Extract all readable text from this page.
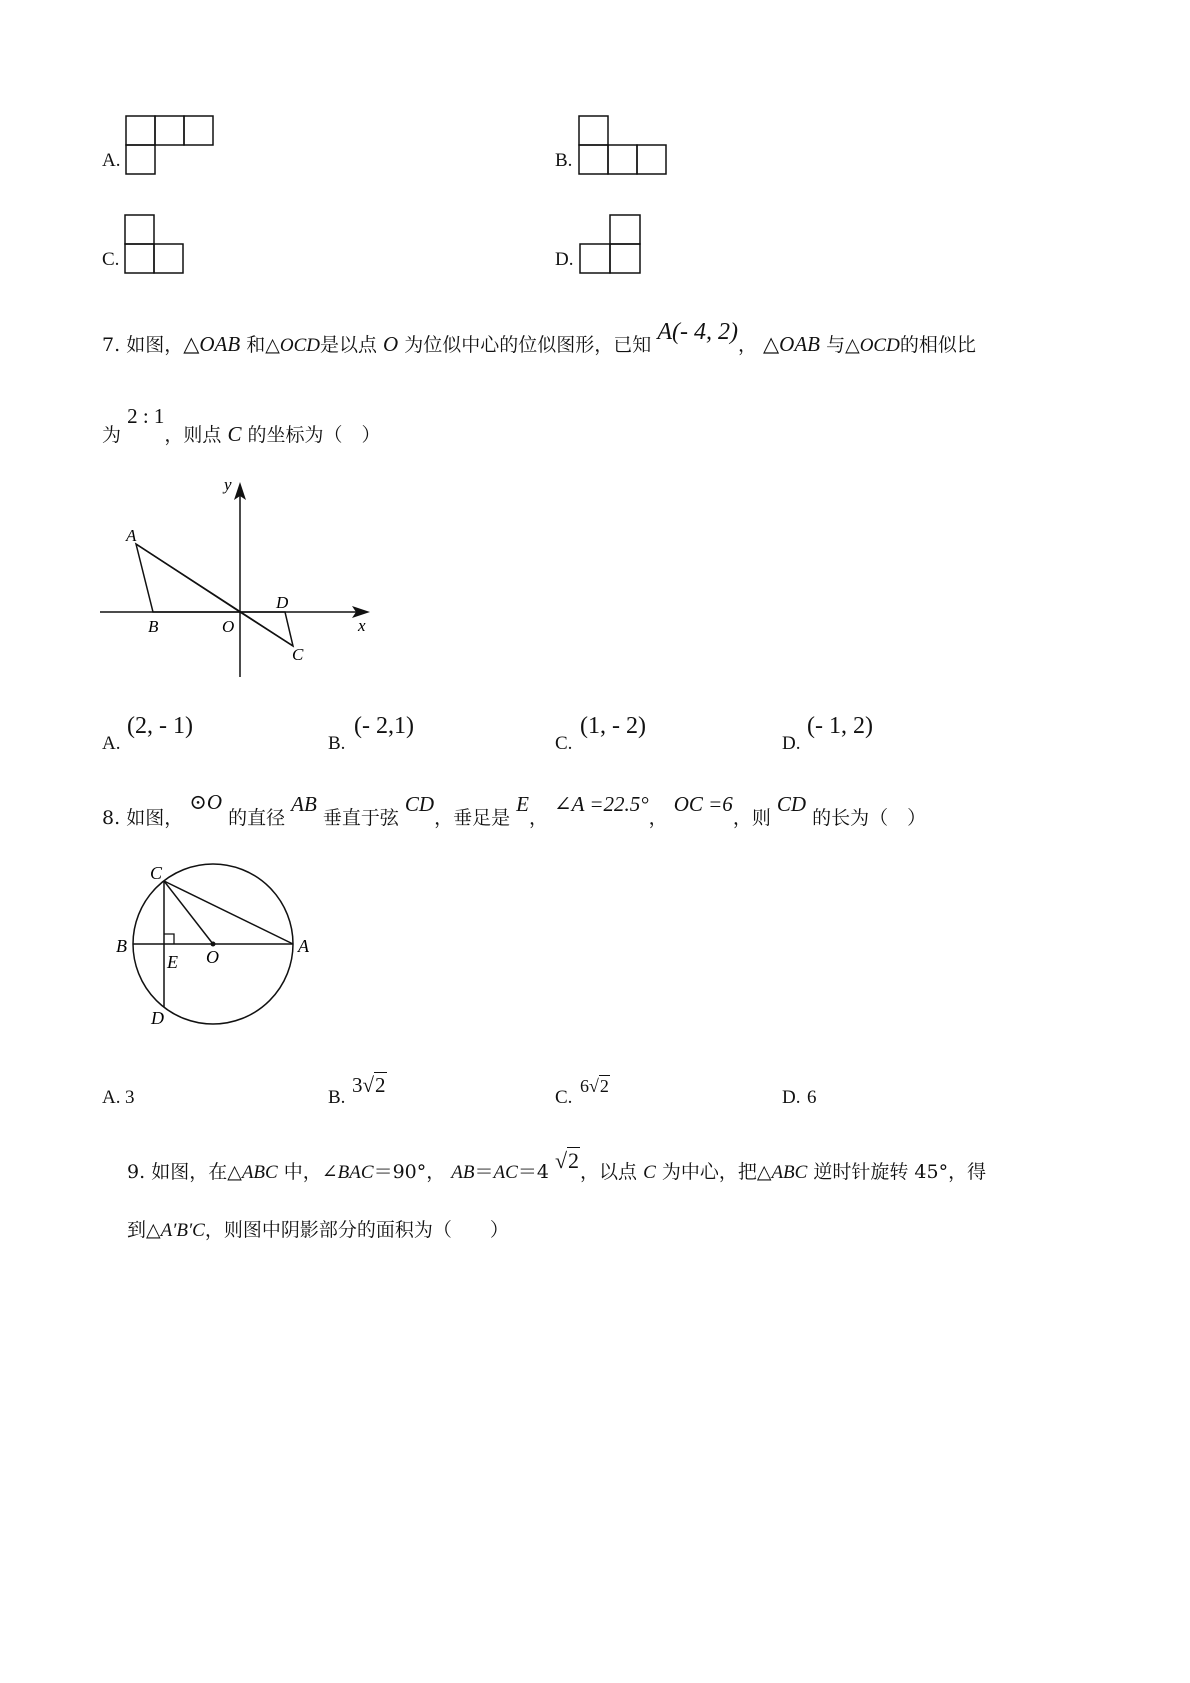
A.	B.
C.	D.
7. 如图，△OAB 和△OCD是以点 O 为位似中心的位似图形，已知 A(- 4, 2)， △OAB 与△OCD的相似比
为 2 : 1，则点 C 的坐标为（　）
y
x
A
B	O
D
C
A.
(2, - 1)
B.
(- 2,1)
C.
(1, - 2)
D.
(- 1, 2)
8. 如图， ⊙O 的直径 AB 垂直于弦 CD，垂足是 E， ∠A =22.5°， OC =6，则 CD 的长为（　）
C
B
E O
A
D
A. 3	B.
3√2
C.
6√2
D. 6
9. 如图，在△ABC 中，∠BAC＝90°， AB＝AC＝4 √2，以点 C 为中心，把△ABC 逆时针旋转 45°，得
到△A′B′C，则图中阴影部分的面积为（　　）
